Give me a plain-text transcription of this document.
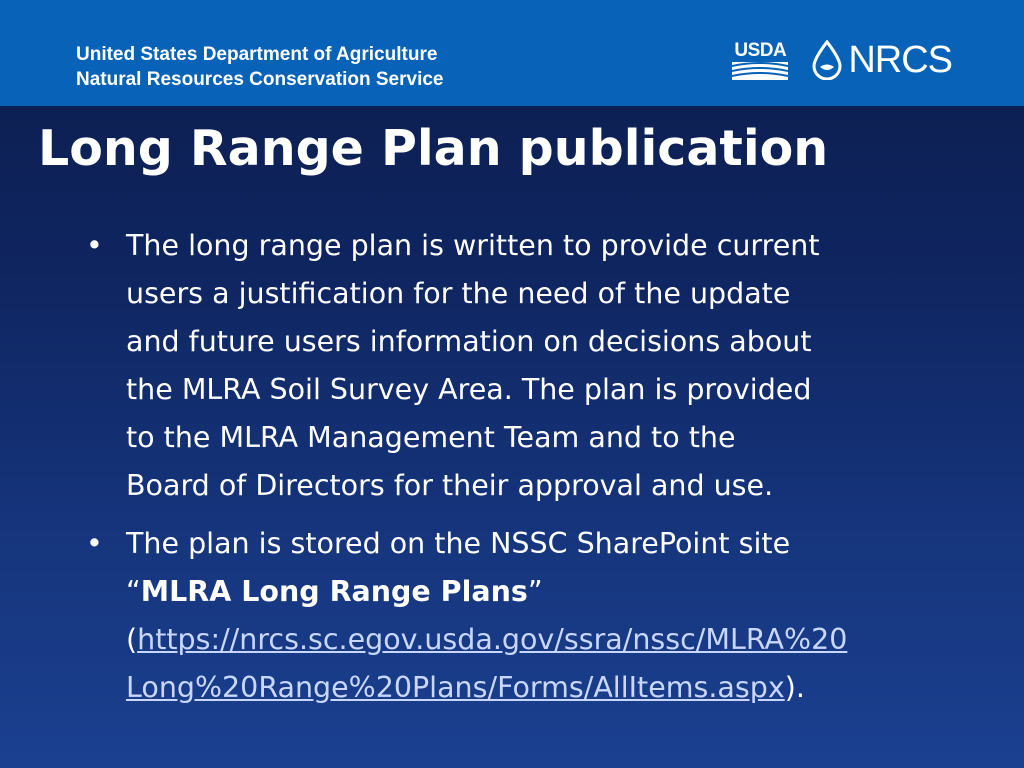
United States Department of Agriculture
Natural Resources Conservation Service
USDA NRCS
Long Range Plan publication
• The long range plan is written to provide current
users a justification for the need of the update
and future users information on decisions about
the MLRA Soil Survey Area. The plan is provided
to the MLRA Management Team and to the
Board of Directors for their approval and use.
• The plan is stored on the NSSC SharePoint site
“MLRA Long Range Plans”
(https://nrcs.sc.egov.usda.gov/ssra/nssc/MLRA%20
Long%20Range%20Plans/Forms/AllItems.aspx).
